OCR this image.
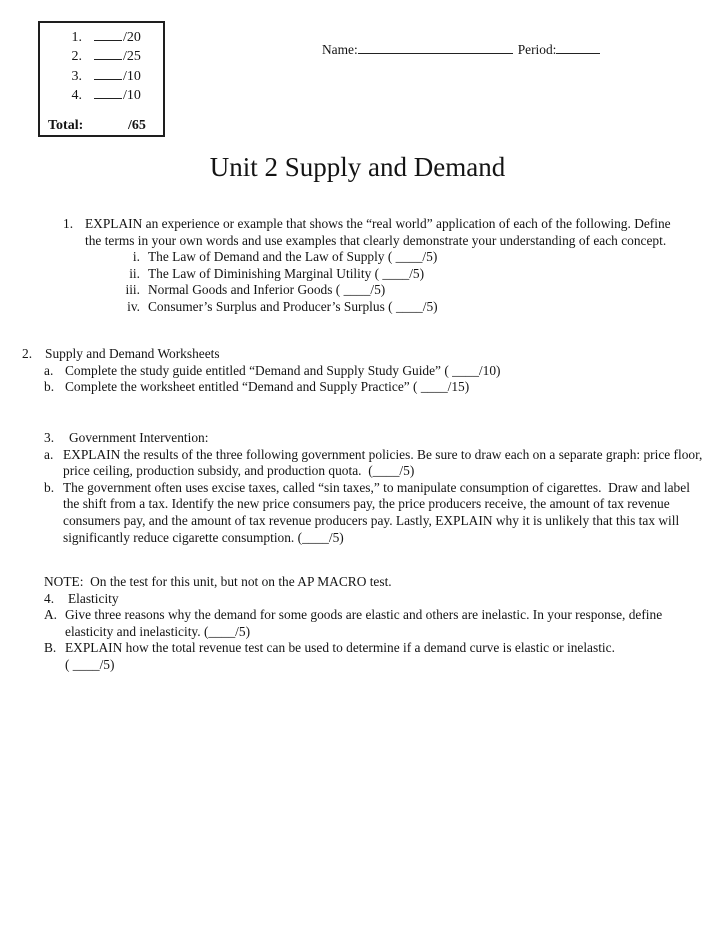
1.	/20
2.	/25
3.	/10
4.	/10
Total:	/65
Name:	Period:
Unit 2 Supply and Demand
1. EXPLAIN an experience or example that shows the “real world” application of each of the following. Define the terms in your own words and use examples that clearly demonstrate your understanding of each concept.
i. The Law of Demand and the Law of Supply ( ____/5)
ii. The Law of Diminishing Marginal Utility ( ____/5)
iii. Normal Goods and Inferior Goods ( ____/5)
iv. Consumer’s Surplus and Producer’s Surplus ( ____/5)
2. Supply and Demand Worksheets
a. Complete the study guide entitled “Demand and Supply Study Guide” ( ____/10)
b. Complete the worksheet entitled “Demand and Supply Practice” ( ____/15)
3. Government Intervention:
a. EXPLAIN the results of the three following government policies. Be sure to draw each on a separate graph: price floor, price ceiling, production subsidy, and production quota.  (____/5)
b. The government often uses excise taxes, called “sin taxes,” to manipulate consumption of cigarettes.  Draw and label the shift from a tax. Identify the new price consumers pay, the price producers receive, the amount of tax revenue consumers pay, and the amount of tax revenue producers pay. Lastly, EXPLAIN why it is unlikely that this tax will significantly reduce cigarette consumption. (____/5)
NOTE:  On the test for this unit, but not on the AP MACRO test.
4. Elasticity
A. Give three reasons why the demand for some goods are elastic and others are inelastic. In your response, define elasticity and inelasticity. (____/5)
B. EXPLAIN how the total revenue test can be used to determine if a demand curve is elastic or inelastic.
( ____/5)
